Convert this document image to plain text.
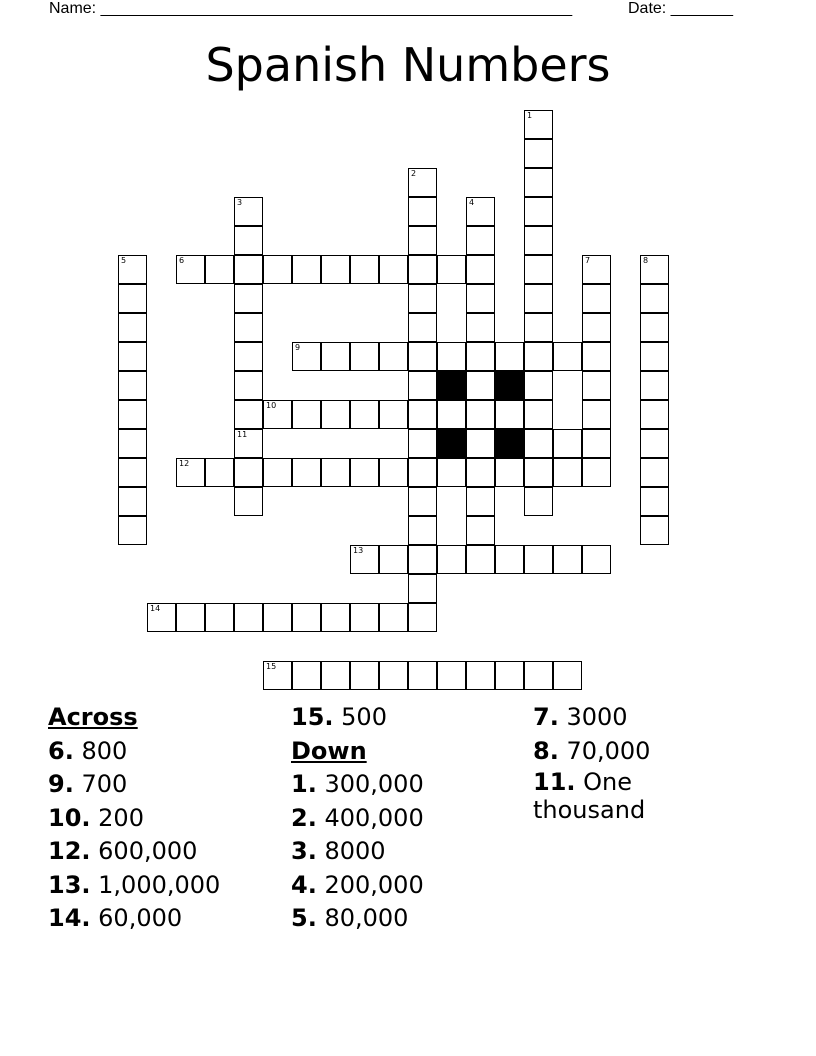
Name: _____________________________________________________	Date: _______
Spanish Numbers
1
2
3
11
4
5	6	7	8
9
10
12
13
14
15
Across
6. 800
9. 700
10. 200
12. 600,000
13. 1,000,000
14. 60,000
15. 500
Down
1. 300,000
2. 400,000
3. 8000
4. 200,000
5. 80,000
7. 3000
8. 70,000
11. One thousand
